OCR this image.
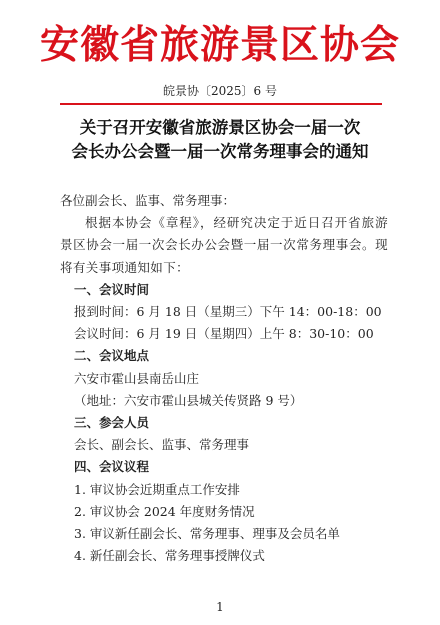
安徽省旅游景区协会
皖景协〔2025〕6 号
关于召开安徽省旅游景区协会一届一次
会长办公会暨一届一次常务理事会的通知
各位副会长、监事、常务理事：
根据本协会《章程》，经研究决定于近日召开省旅游景区协会一届一次会长办公会暨一届一次常务理事会。现将有关事项通知如下：
一、会议时间
报到时间：6 月 18 日（星期三）下午 14：00-18：00
会议时间：6 月 19 日（星期四）上午 8：30-10：00
二、会议地点
六安市霍山县南岳山庄
（地址：六安市霍山县城关传贤路 9 号）
三、参会人员
会长、副会长、监事、常务理事
四、会议议程
1. 审议协会近期重点工作安排
2. 审议协会 2024 年度财务情况
3. 审议新任副会长、常务理事、理事及会员名单
4. 新任副会长、常务理事授牌仪式
1
